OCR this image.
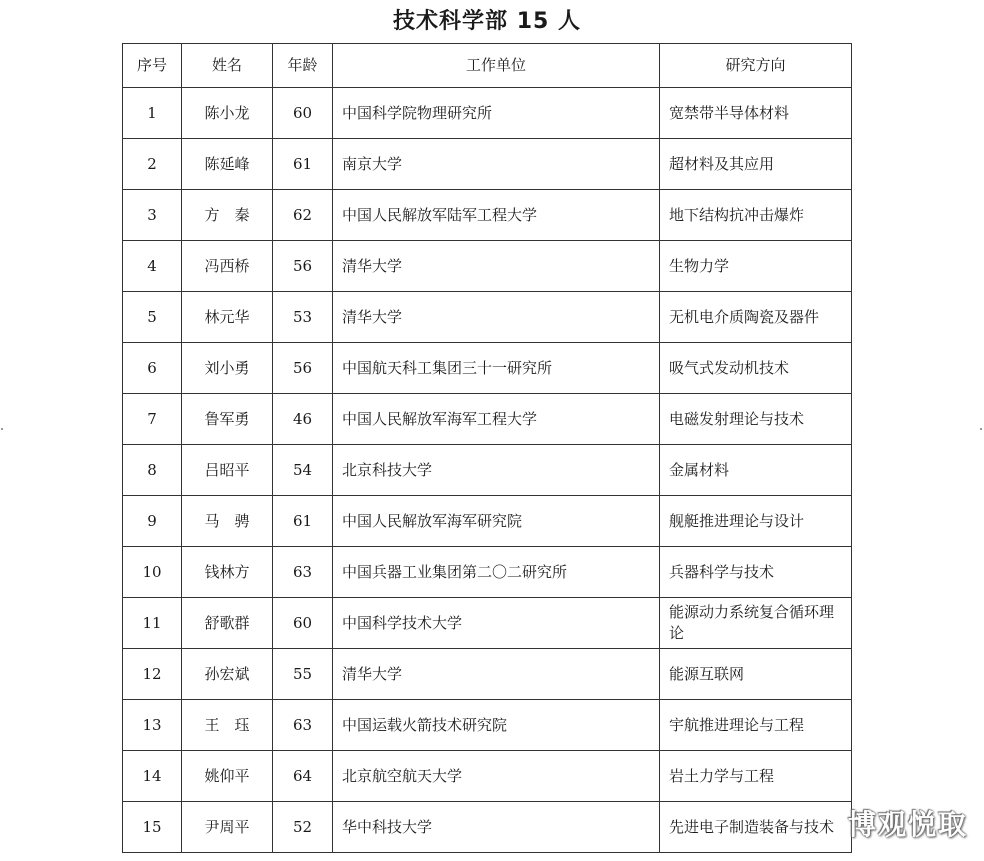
技术科学部 15 人
序号	姓名	年龄	工作单位	研究方向
1	陈小龙	60	中国科学院物理研究所	宽禁带半导体材料
2	陈延峰	61	南京大学	超材料及其应用
3	方　秦	62	中国人民解放军陆军工程大学	地下结构抗冲击爆炸
4	冯西桥	56	清华大学	生物力学
5	林元华	53	清华大学	无机电介质陶瓷及器件
6	刘小勇	56	中国航天科工集团三十一研究所	吸气式发动机技术
7	鲁军勇	46	中国人民解放军海军工程大学	电磁发射理论与技术
8	吕昭平	54	北京科技大学	金属材料
9	马　骋	61	中国人民解放军海军研究院	舰艇推进理论与设计
10	钱林方	63	中国兵器工业集团第二〇二研究所	兵器科学与技术
11	舒歌群	60	中国科学技术大学	能源动力系统复合循环理论
12	孙宏斌	55	清华大学	能源互联网
13	王　珏	63	中国运载火箭技术研究院	宇航推进理论与工程
14	姚仰平	64	北京航空航天大学	岩土力学与工程
15	尹周平	52	华中科技大学	先进电子制造装备与技术 博观悦取
